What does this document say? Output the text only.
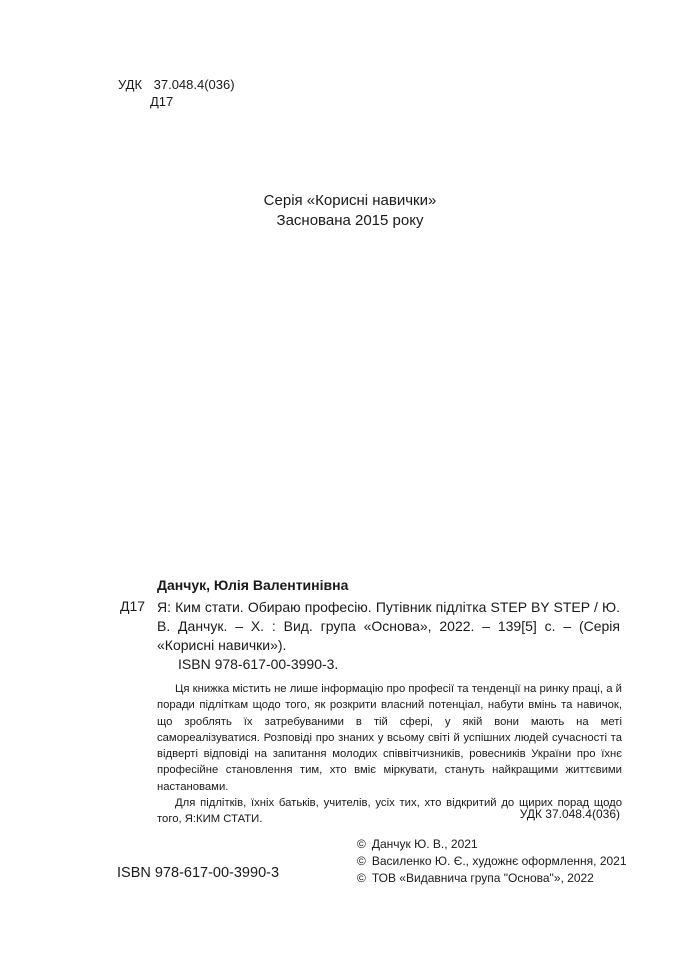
УДК 37.048.4(036)
Д17
Серія «Корисні навички»
Заснована 2015 року
Данчук, Юлія Валентинівна
Д17 Я: Ким стати. Обираю професію. Путівник підлітка STEP BY STEP / Ю. В. Данчук. – Х. : Вид. група «Основа», 2022. – 139[5] с. – (Серія «Корисні навички»).
ISBN 978-617-00-3990-3.

Ця книжка містить не лише інформацію про професії та тенденції на ринку праці, а й поради підліткам щодо того, як розкрити власний потенціал, набути вмінь та навичок, що зроблять їх затребуваними в тій сфері, у якій вони мають на меті самореалізуватися. Розповіді про знаних у всьому світі й успішних людей сучасності та відверті відповіді на запитання молодих співвітчизників, ровесників України про їхнє професійне становлення тим, хто вміє міркувати, стануть найкращими життєвими настановами.

Для підлітків, їхніх батьків, учителів, усіх тих, хто відкритий до щирих порад щодо того, Я:КИМ СТАТИ.	УДК 37.048.4(036)
ISBN 978-617-00-3990-3
© Данчук Ю. В., 2021
© Василенко Ю. Є., художнє оформлення, 2021
© ТОВ «Видавнича група "Основа"», 2022
